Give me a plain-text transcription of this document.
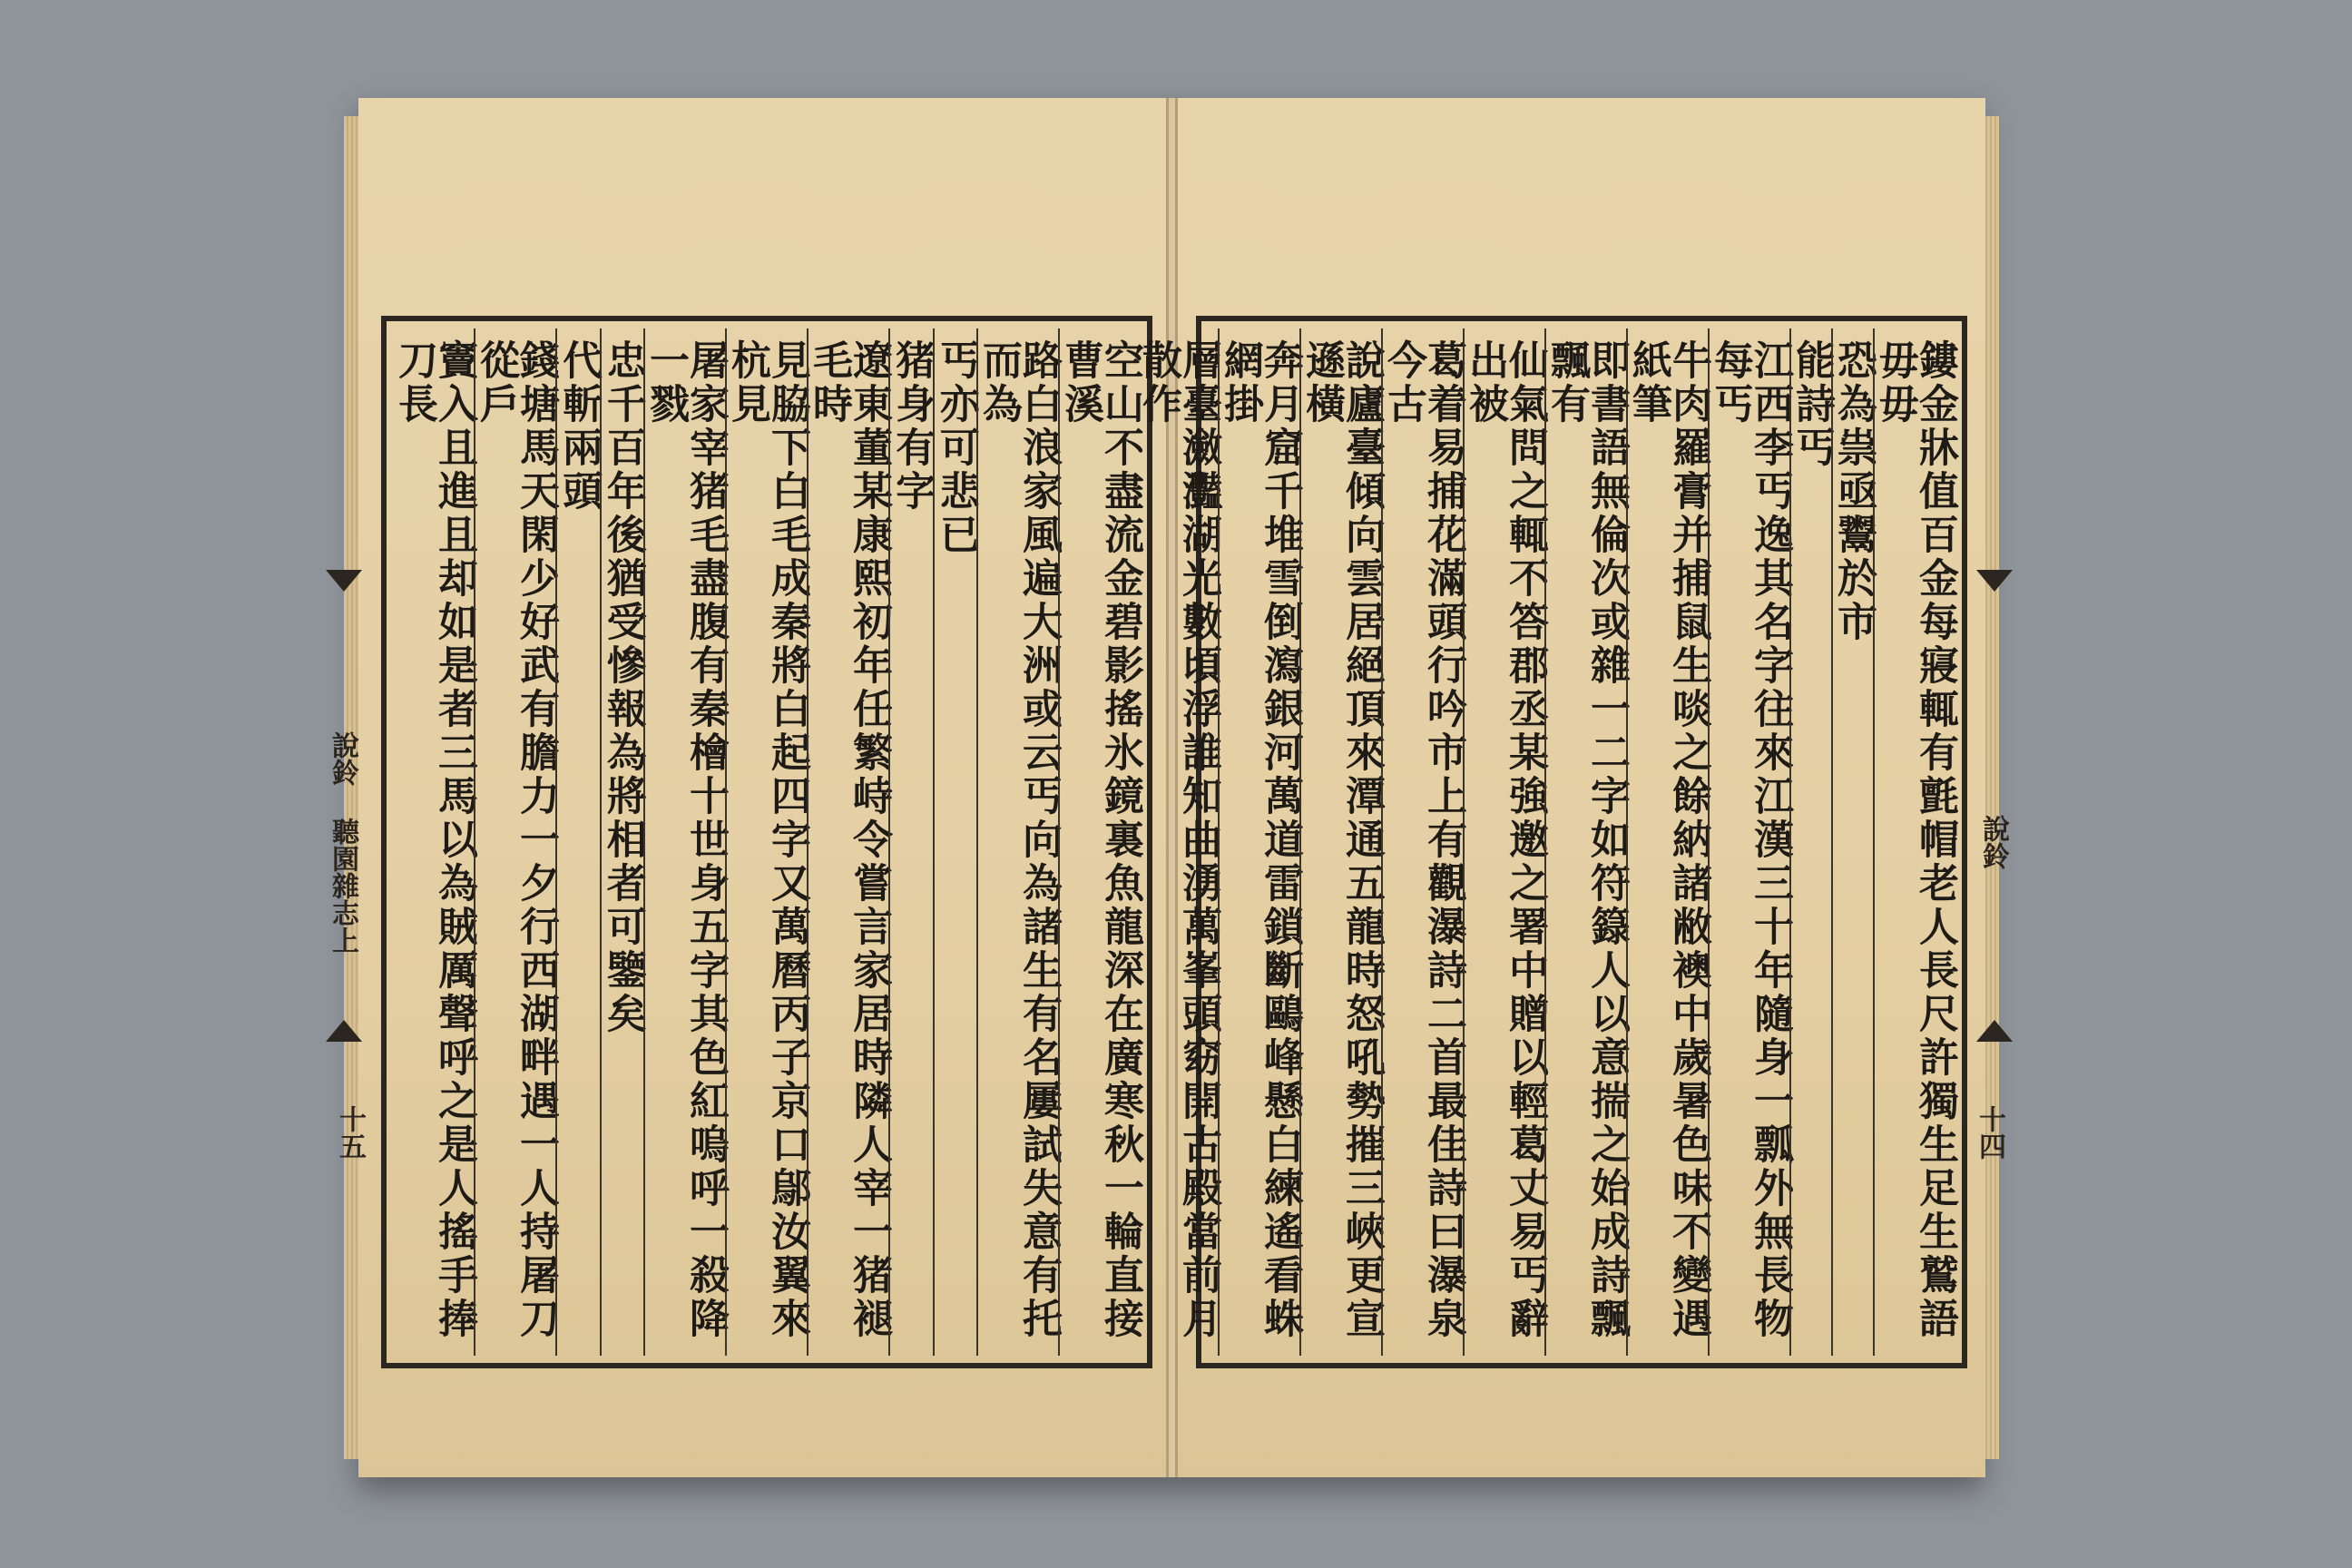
說鈴 聽園雜志上
十五	空山不盡流金碧影搖氷鏡裏魚龍深在廣寒秋一輪直接曹溪
路白浪家風遍大洲或云丐向為諸生有名屢試失意有托而為
丐亦可悲已
猪身有字
遼東董某康熙初年任繁峙令嘗言家居時隣人宰一猪褪毛時
見脇下白毛成秦將白起四字又萬曆丙子京口鄔汝翼來杭見
屠家宰猪毛盡腹有秦檜十世身五字其色紅嗚呼一殺降一戮
忠千百年後猶受慘報為將相者可鑒矣
代斬兩頭
錢塘馬天閑少好武有膽力一夕行西湖畔遇一人持屠刀從戶
竇入且進且却如是者三馬以為賊厲聲呼之是人搖手捧刀長
說鈴
十四
鏤金牀值百金每寢輒有氈帽老人長尺許獨生足生鷲語毋毋
恐為祟亟鬻於市
能詩丐
江西李丐逸其名字往來江漢三十年隨身一瓢外無長物每丐
牛肉羅膏并捕鼠生啖之餘納諸敝襖中歲暑色味不變遇紙筆
即書語無倫次或雜一二字如符籙人以意揣之始成詩飄飄有
仙氣問之輒不答郡丞某強邀之署中贈以輕葛丈易丐辭出被
葛着易捕花滿頭行吟市上有觀瀑詩二首最佳詩曰瀑泉今古
說廬臺傾向雲居絕頂來潭通五龍時怒吼勢摧三峽更宣遜橫
奔月窟千堆雪倒瀉銀河萬道雷鎖斷鷗峰懸白練遙看蛛網掛
層臺瀲灩湖光數頃浮誰知曲湧萬峯頭窈開古殿當前月散作
